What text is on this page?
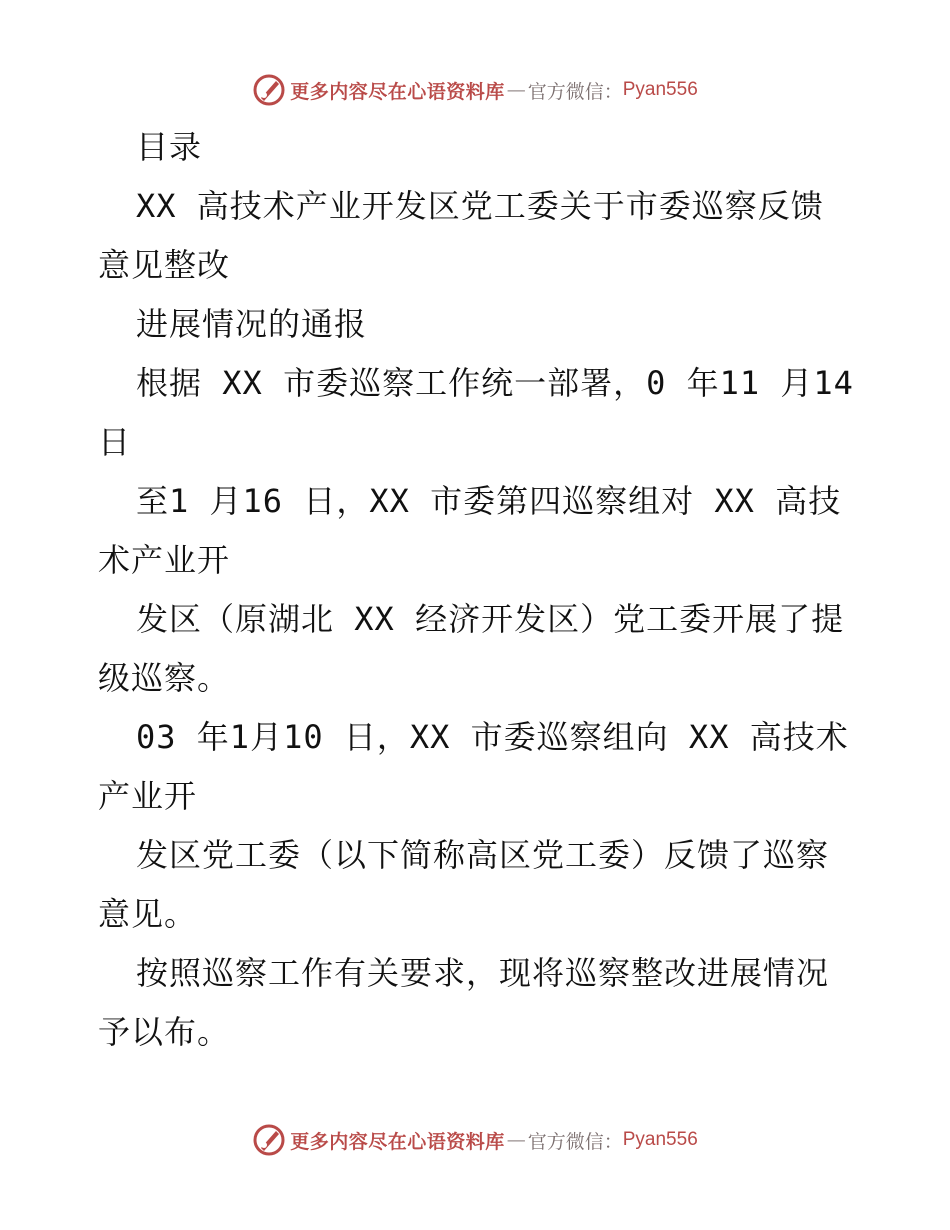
更多内容尽在心语资料库 — 官方微信： Pyan556
目录
XX 高技术产业开发区党工委关于市委巡察反馈
意见整改
进展情况的通报
根据 XX 市委巡察工作统一部署，0 年11 月14
日
至1 月16 日，XX 市委第四巡察组对 XX 高技
术产业开
发区（原湖北 XX 经济开发区）党工委开展了提
级巡察。
03 年1月10 日，XX 市委巡察组向 XX 高技术
产业开
发区党工委（以下简称高区党工委）反馈了巡察
意见。
按照巡察工作有关要求，现将巡察整改进展情况
予以布。
更多内容尽在心语资料库 — 官方微信： Pyan556
